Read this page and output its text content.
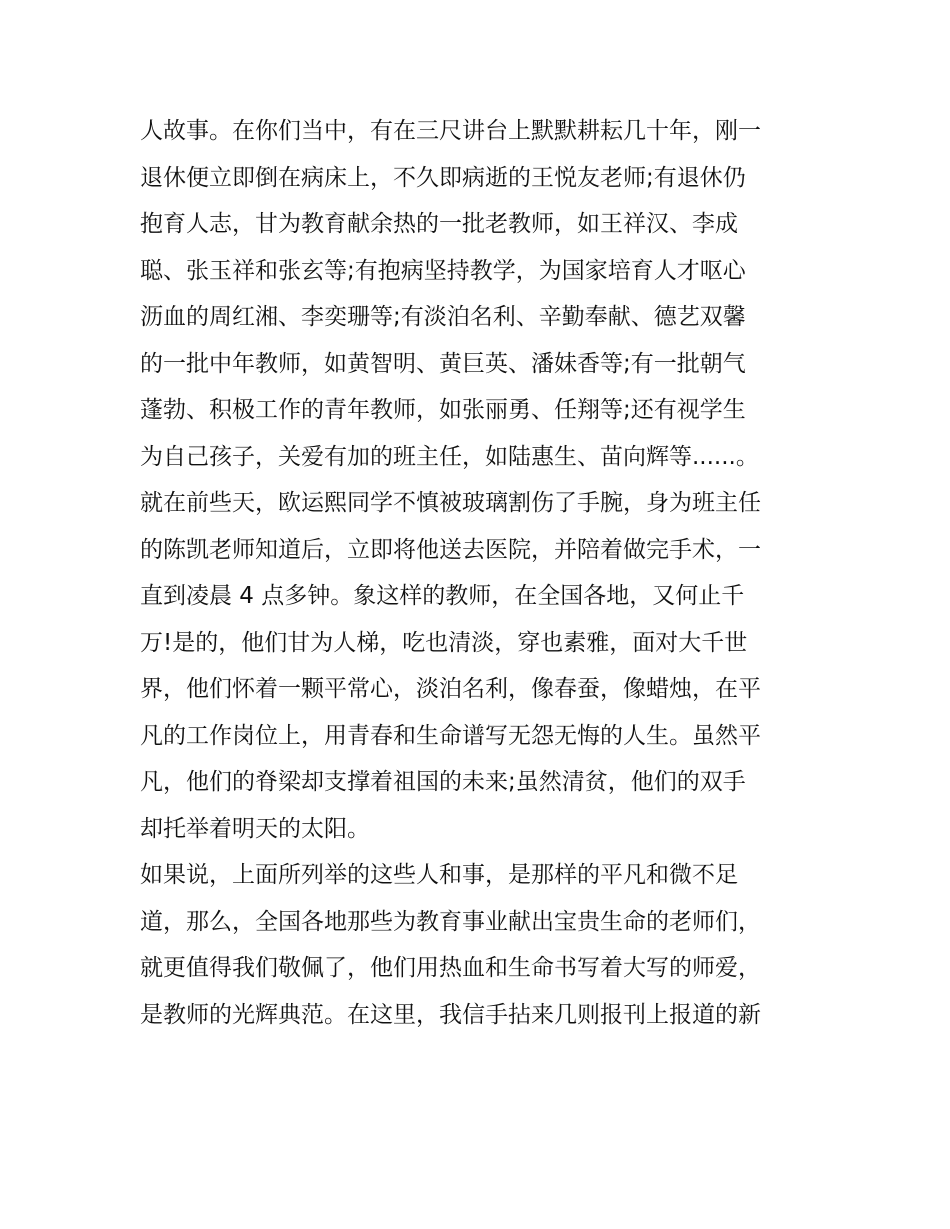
人故事。在你们当中，有在三尺讲台上默默耕耘几十年，刚一
退休便立即倒在病床上，不久即病逝的王悦友老师;有退休仍
抱育人志，甘为教育献余热的一批老教师，如王祥汉、李成
聪、张玉祥和张玄等;有抱病坚持教学，为国家培育人才呕心
沥血的周红湘、李奕珊等;有淡泊名利、辛勤奉献、德艺双馨
的一批中年教师，如黄智明、黄巨英、潘妹香等;有一批朝气
蓬勃、积极工作的青年教师，如张丽勇、任翔等;还有视学生
为自己孩子，关爱有加的班主任，如陆惠生、苗向辉等......。
就在前些天，欧运熙同学不慎被玻璃割伤了手腕，身为班主任
的陈凯老师知道后，立即将他送去医院，并陪着做完手术，一
直到凌晨 4 点多钟。象这样的教师，在全国各地，又何止千
万!是的，他们甘为人梯，吃也清淡，穿也素雅，面对大千世
界，他们怀着一颗平常心，淡泊名利，像春蚕，像蜡烛，在平
凡的工作岗位上，用青春和生命谱写无怨无悔的人生。虽然平
凡，他们的脊梁却支撑着祖国的未来;虽然清贫，他们的双手
却托举着明天的太阳。
如果说，上面所列举的这些人和事，是那样的平凡和微不足
道，那么，全国各地那些为教育事业献出宝贵生命的老师们，
就更值得我们敬佩了，他们用热血和生命书写着大写的师爱，
是教师的光辉典范。在这里，我信手拈来几则报刊上报道的新
